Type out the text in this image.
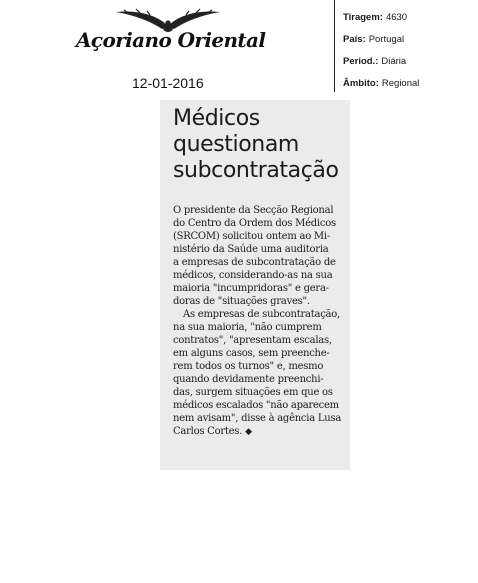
Açoriano Oriental
12-01-2016
Tiragem: 4630
País: Portugal
Period.: Diária
Âmbito: Regional
Médicos
questionam
subcontratação
O presidente da Secção Regional
do Centro da Ordem dos Médicos
(SRCOM) solicitou ontem ao Mi-
nistério da Saúde uma auditoria
a empresas de subcontratação de
médicos, considerando-as na sua
maioria "incumpridoras" e gera-
doras de "situações graves".
As empresas de subcontratação,
na sua maioria, "não cumprem
contratos", "apresentam escalas,
em alguns casos, sem preenche-
rem todos os turnos" e, mesmo
quando devidamente preenchi-
das, surgem situações em que os
médicos escalados "não aparecem
nem avisam", disse à agência Lusa
Carlos Cortes. ◆
